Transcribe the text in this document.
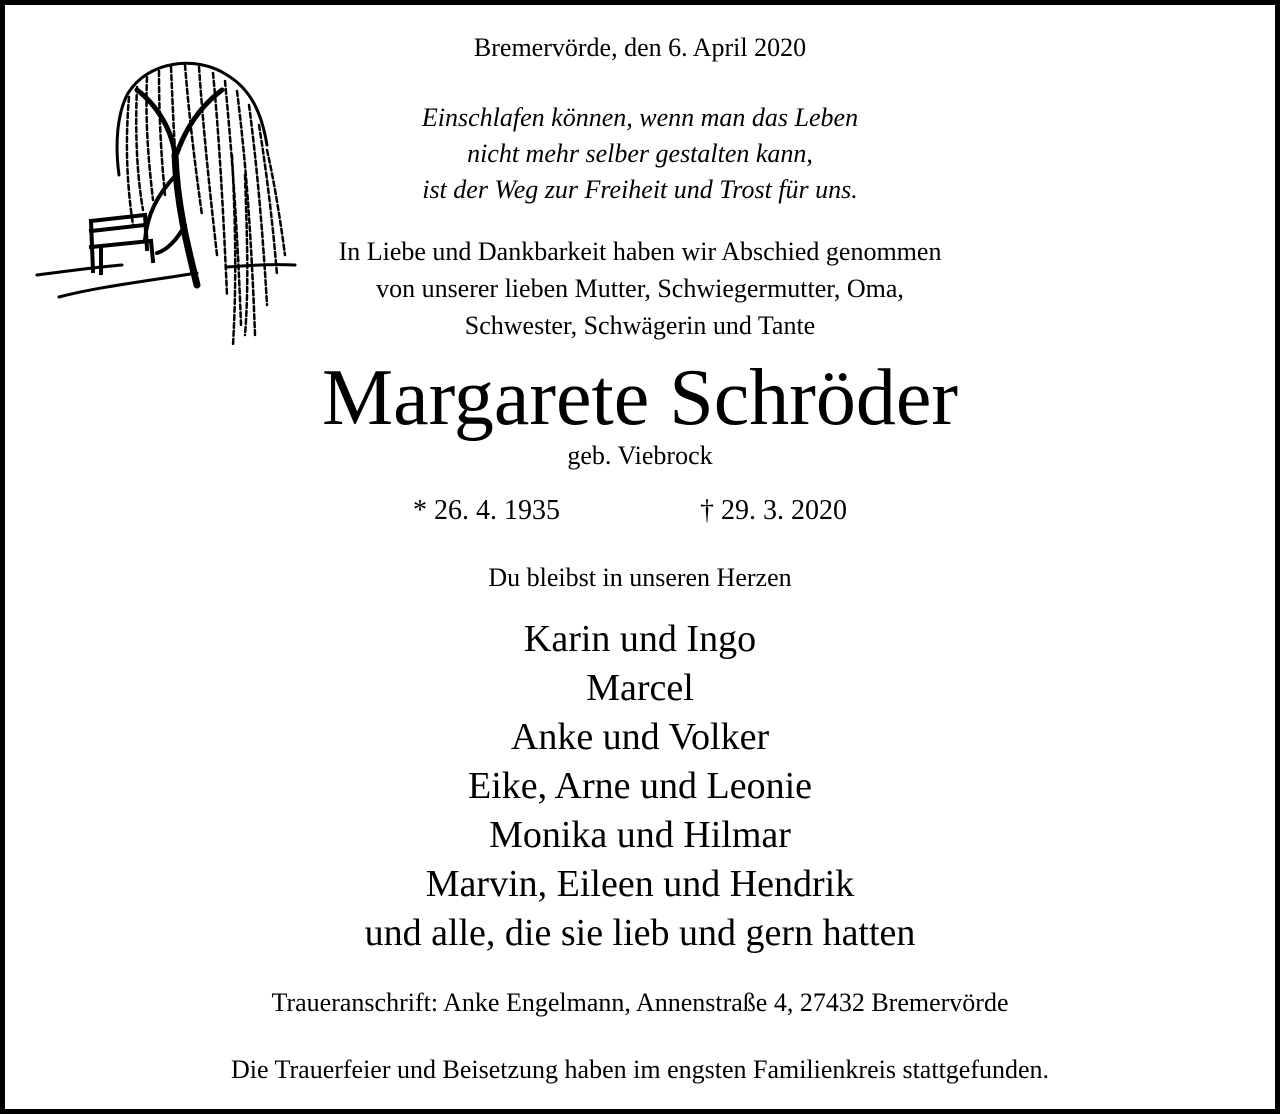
Bremervörde, den 6. April 2020
Einschlafen können, wenn man das Leben
nicht mehr selber gestalten kann,
ist der Weg zur Freiheit und Trost für uns.
In Liebe und Dankbarkeit haben wir Abschied genommen
von unserer lieben Mutter, Schwiegermutter, Oma,
Schwester, Schwägerin und Tante
Margarete Schröder
geb. Viebrock
* 26. 4. 1935	† 29. 3. 2020
Du bleibst in unseren Herzen
Karin und Ingo
Marcel
Anke und Volker
Eike, Arne und Leonie
Monika und Hilmar
Marvin, Eileen und Hendrik
und alle, die sie lieb und gern hatten
Traueranschrift: Anke Engelmann, Annenstraße 4, 27432 Bremervörde
Die Trauerfeier und Beisetzung haben im engsten Familienkreis stattgefunden.
